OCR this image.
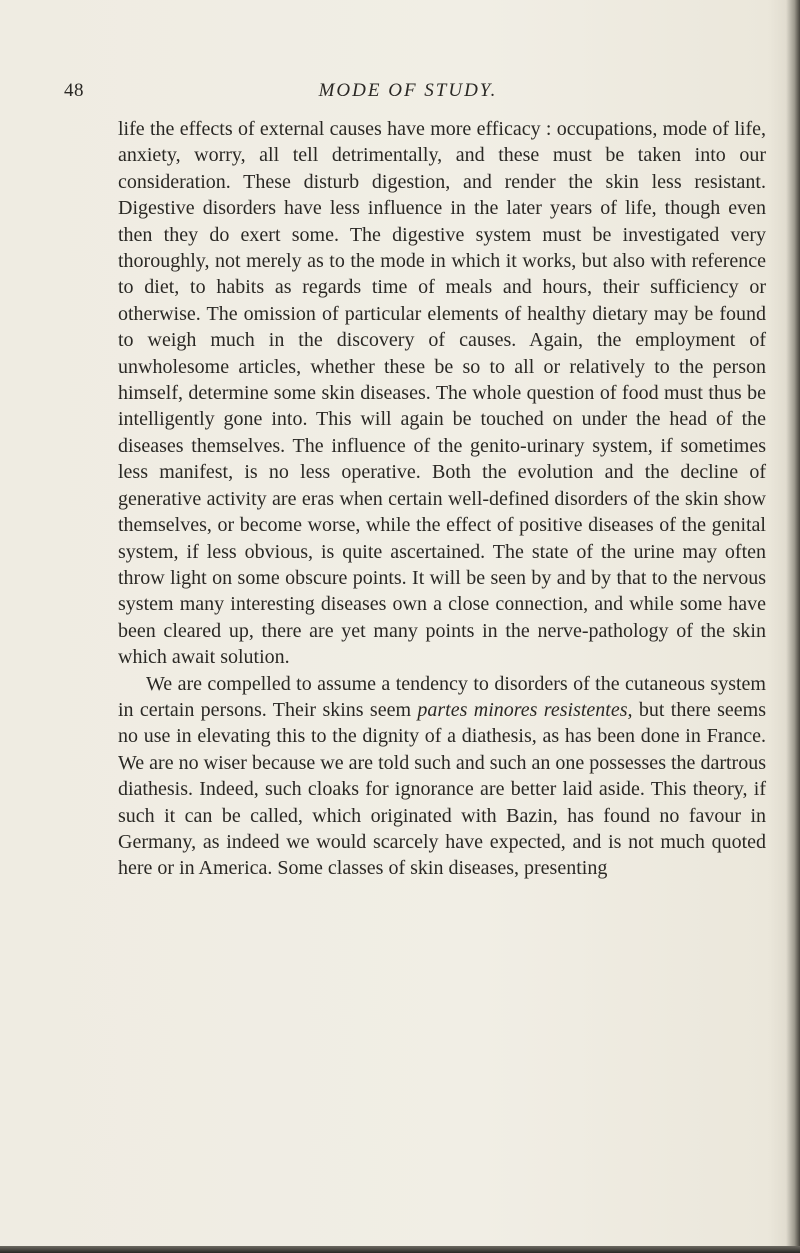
48	MODE OF STUDY.

life the effects of external causes have more efficacy : occupations, mode of life, anxiety, worry, all tell detrimentally, and these must be taken into our consideration. These disturb digestion, and render the skin less resistant. Digestive disorders have less influence in the later years of life, though even then they do exert some. The digestive system must be investigated very thoroughly, not merely as to the mode in which it works, but also with reference to diet, to habits as regards time of meals and hours, their sufficiency or otherwise. The omission of particular elements of healthy dietary may be found to weigh much in the discovery of causes. Again, the employment of unwholesome articles, whether these be so to all or relatively to the person himself, determine some skin diseases. The whole question of food must thus be intelligently gone into. This will again be touched on under the head of the diseases themselves. The influence of the genito-urinary system, if sometimes less manifest, is no less operative. Both the evolution and the decline of generative activity are eras when certain well-defined disorders of the skin show themselves, or become worse, while the effect of positive diseases of the genital system, if less obvious, is quite ascertained. The state of the urine may often throw light on some obscure points. It will be seen by and by that to the nervous system many interesting diseases own a close connection, and while some have been cleared up, there are yet many points in the nerve-pathology of the skin which await solution.

We are compelled to assume a tendency to disorders of the cutaneous system in certain persons. Their skins seem partes minores resistentes, but there seems no use in elevating this to the dignity of a diathesis, as has been done in France. We are no wiser because we are told such and such an one possesses the dartrous diathesis. Indeed, such cloaks for ignorance are better laid aside. This theory, if such it can be called, which originated with Bazin, has found no favour in Germany, as indeed we would scarcely have expected, and is not much quoted here or in America. Some classes of skin diseases, presenting
